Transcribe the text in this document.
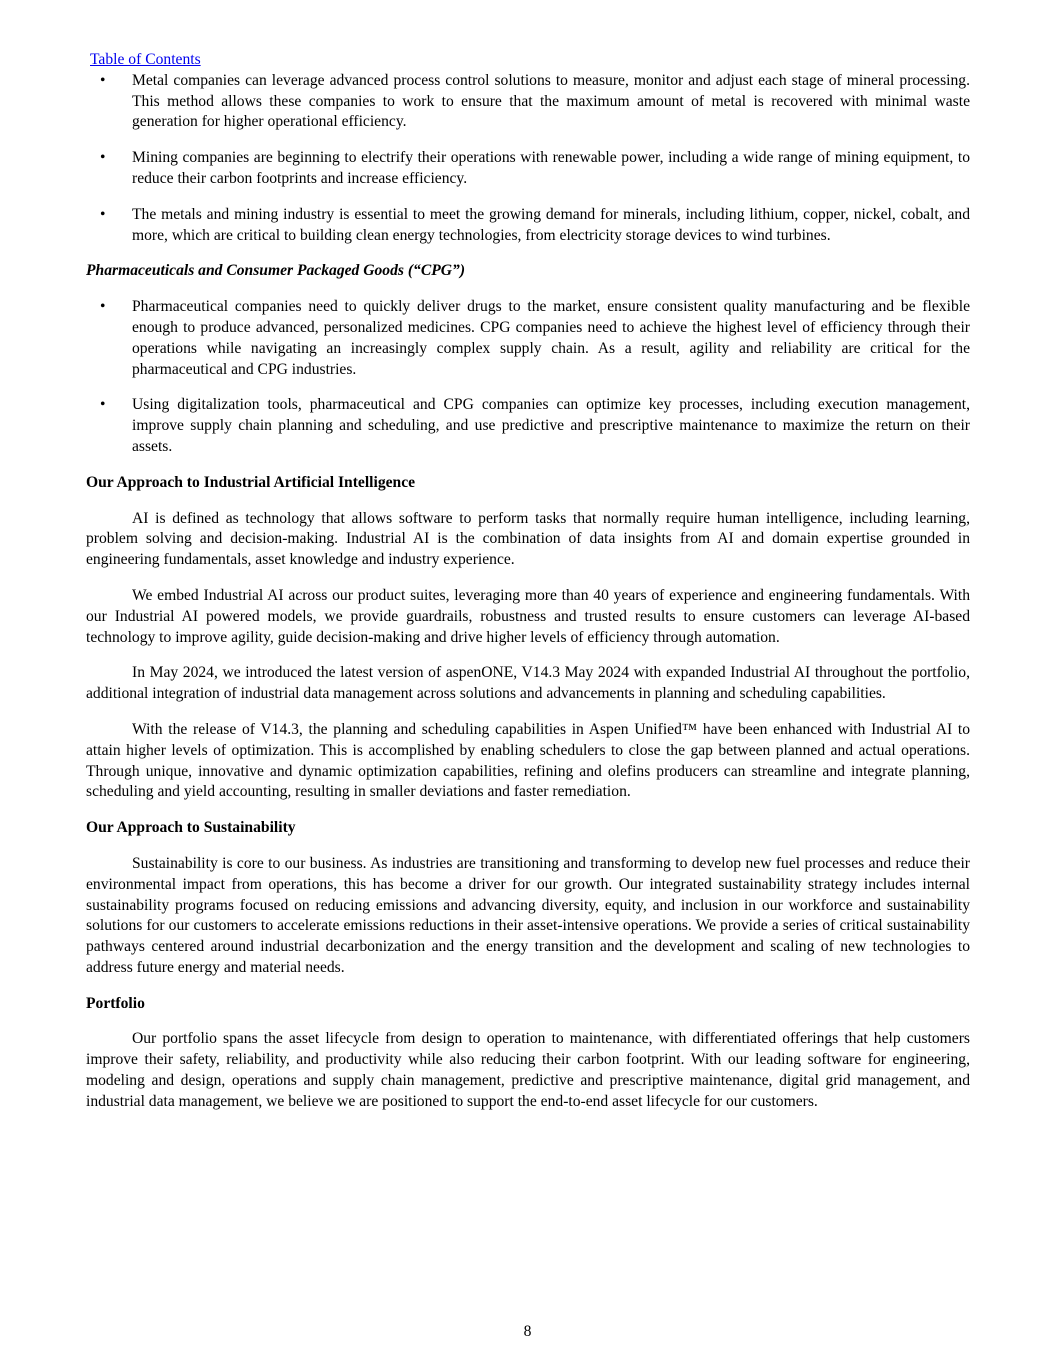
Table of Contents
• Metal companies can leverage advanced process control solutions to measure, monitor and adjust each stage of mineral processing. This method allows these companies to work to ensure that the maximum amount of metal is recovered with minimal waste generation for higher operational efficiency.
• Mining companies are beginning to electrify their operations with renewable power, including a wide range of mining equipment, to reduce their carbon footprints and increase efficiency.
• The metals and mining industry is essential to meet the growing demand for minerals, including lithium, copper, nickel, cobalt, and more, which are critical to building clean energy technologies, from electricity storage devices to wind turbines.
Pharmaceuticals and Consumer Packaged Goods (“CPG”)
• Pharmaceutical companies need to quickly deliver drugs to the market, ensure consistent quality manufacturing and be flexible enough to produce advanced, personalized medicines. CPG companies need to achieve the highest level of efficiency through their operations while navigating an increasingly complex supply chain. As a result, agility and reliability are critical for the pharmaceutical and CPG industries.
• Using digitalization tools, pharmaceutical and CPG companies can optimize key processes, including execution management, improve supply chain planning and scheduling, and use predictive and prescriptive maintenance to maximize the return on their assets.
Our Approach to Industrial Artificial Intelligence

AI is defined as technology that allows software to perform tasks that normally require human intelligence, including learning, problem solving and decision-making. Industrial AI is the combination of data insights from AI and domain expertise grounded in engineering fundamentals, asset knowledge and industry experience.

We embed Industrial AI across our product suites, leveraging more than 40 years of experience and engineering fundamentals. With our Industrial AI powered models, we provide guardrails, robustness and trusted results to ensure customers can leverage AI-based technology to improve agility, guide decision-making and drive higher levels of efficiency through automation.

In May 2024, we introduced the latest version of aspenONE, V14.3 May 2024 with expanded Industrial AI throughout the portfolio, additional integration of industrial data management across solutions and advancements in planning and scheduling capabilities.

With the release of V14.3, the planning and scheduling capabilities in Aspen Unified™ have been enhanced with Industrial AI to attain higher levels of optimization. This is accomplished by enabling schedulers to close the gap between planned and actual operations. Through unique, innovative and dynamic optimization capabilities, refining and olefins producers can streamline and integrate planning, scheduling and yield accounting, resulting in smaller deviations and faster remediation.

Our Approach to Sustainability

Sustainability is core to our business. As industries are transitioning and transforming to develop new fuel processes and reduce their environmental impact from operations, this has become a driver for our growth. Our integrated sustainability strategy includes internal sustainability programs focused on reducing emissions and advancing diversity, equity, and inclusion in our workforce and sustainability solutions for our customers to accelerate emissions reductions in their asset-intensive operations. We provide a series of critical sustainability pathways centered around industrial decarbonization and the energy transition and the development and scaling of new technologies to address future energy and material needs.

Portfolio

Our portfolio spans the asset lifecycle from design to operation to maintenance, with differentiated offerings that help customers improve their safety, reliability, and productivity while also reducing their carbon footprint. With our leading software for engineering, modeling and design, operations and supply chain management, predictive and prescriptive maintenance, digital grid management, and industrial data management, we believe we are positioned to support the end-to-end asset lifecycle for our customers.

8
